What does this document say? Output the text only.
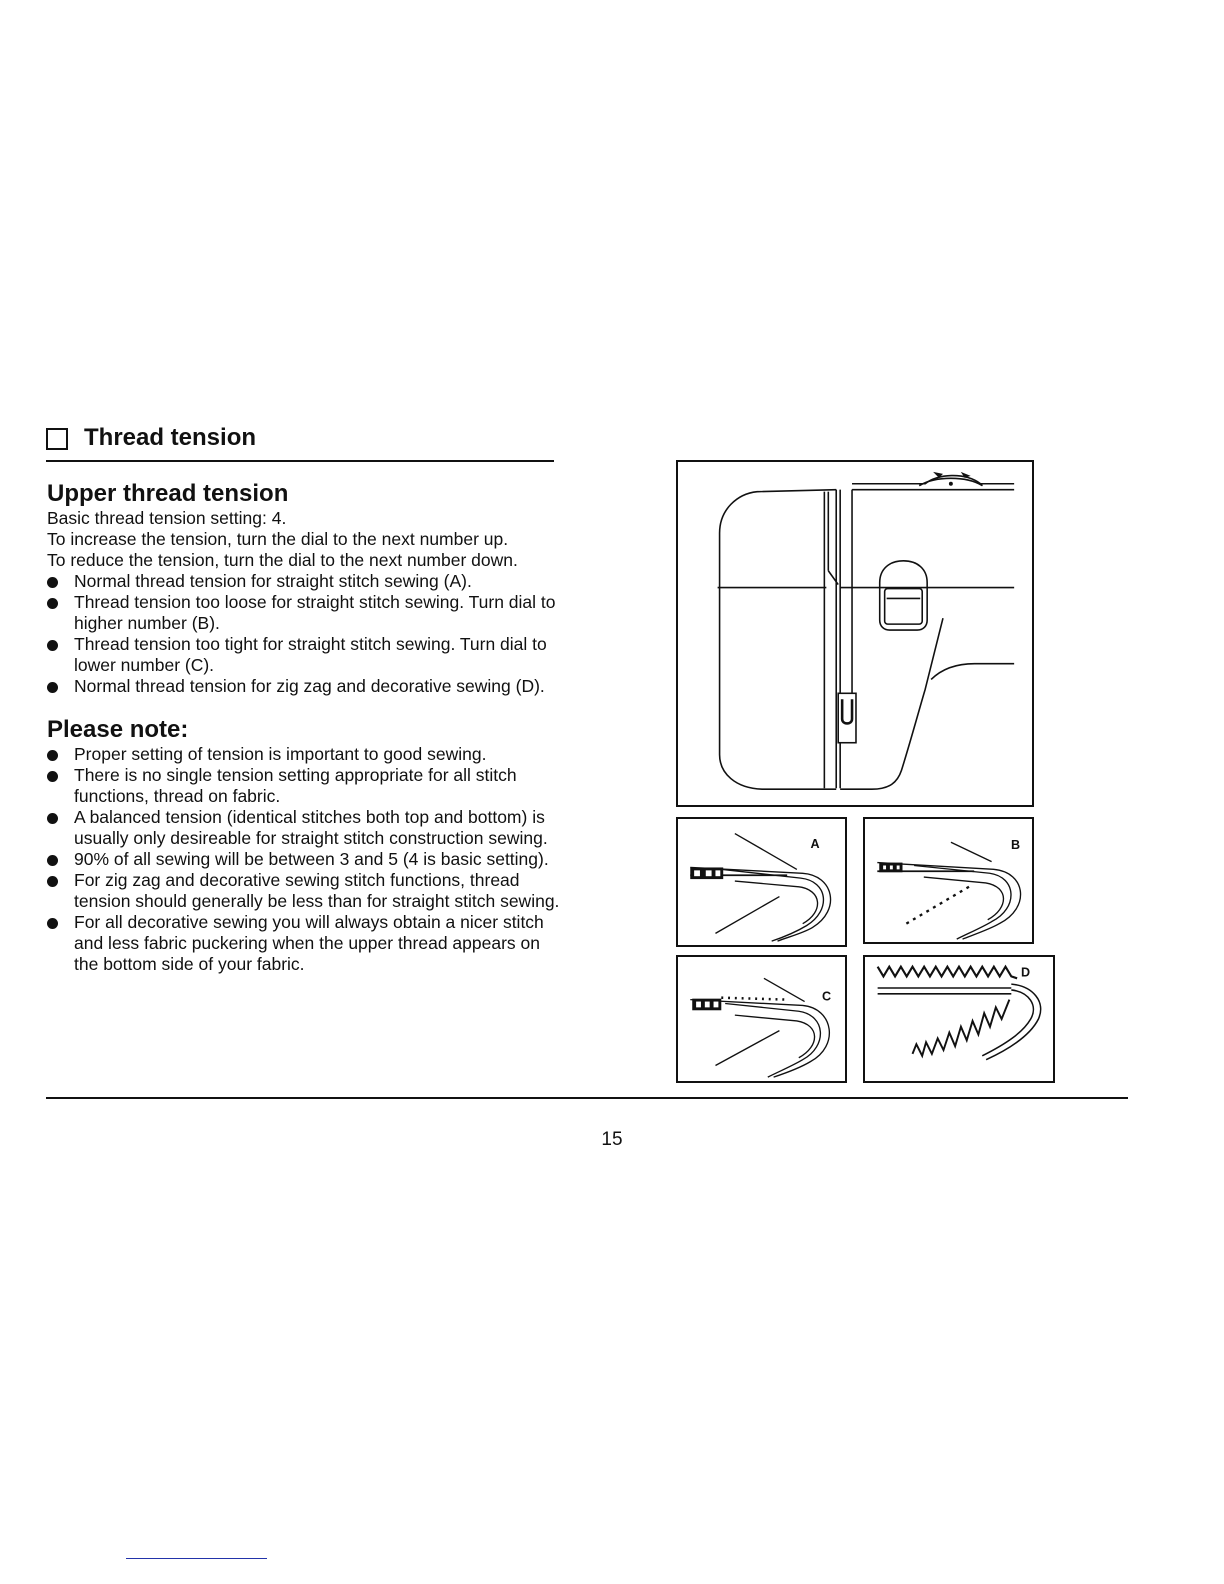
Thread tension
Upper thread tension

Basic thread tension setting: 4.

To increase the tension, turn the dial to the next number up.

To reduce the tension, turn the dial to the next number down.

Normal thread tension for straight stitch sewing (A).
Thread tension too loose for straight stitch sewing. Turn dial to higher number (B).
Thread tension too tight for straight stitch sewing. Turn dial to lower number (C).
Normal thread tension for zig zag and decorative sewing (D).
Please note:
Proper setting of tension is important to good sewing.
There is no single tension setting appropriate for all stitch functions, thread on fabric.
A balanced tension (identical stitches both top and bottom) is usually only desireable for straight stitch construction sewing.
90% of all sewing will be between 3 and 5 (4 is basic setting).
For zig zag and decorative sewing stitch functions, thread tension should generally be less than for straight stitch sewing.
For all decorative sewing you will always obtain a nicer stitch and less fabric puckering when the upper thread appears on the bottom side of your fabric.
A	B
C
D
15
